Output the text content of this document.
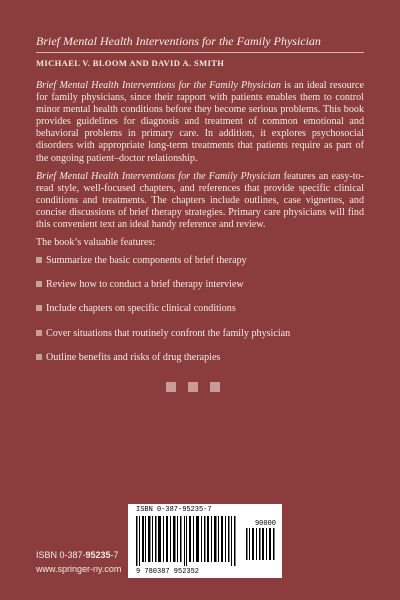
Brief Mental Health Interventions for the Family Physician
MICHAEL V. BLOOM AND DAVID A. SMITH

Brief Mental Health Interventions for the Family Physician is an ideal resource for family physicians, since their rapport with patients enables them to control minor mental health conditions before they become serious problems. This book provides guidelines for diagnosis and treatment of common emotional and behavioral problems in primary care. In addition, it explores psychosocial disorders with appropriate long-term treatments that patients require as part of the ongoing patient–doctor relationship.

Brief Mental Health Interventions for the Family Physician features an easy-to-read style, well-focused chapters, and references that provide specific clinical conditions and treatments. The chapters include outlines, case vignettes, and concise discussions of brief therapy strategies. Primary care physicians will find this convenient text an ideal handy reference and review.

The book’s valuable features:
Summarize the basic components of brief therapy
Review how to conduct a brief therapy interview
Include chapters on specific clinical conditions
Cover situations that routinely confront the family physician
Outline benefits and risks of drug therapies
ISBN 0-387-95235-7
90000
9 780387 952352
ISBN 0-387-95235-7
www.springer-ny.com
